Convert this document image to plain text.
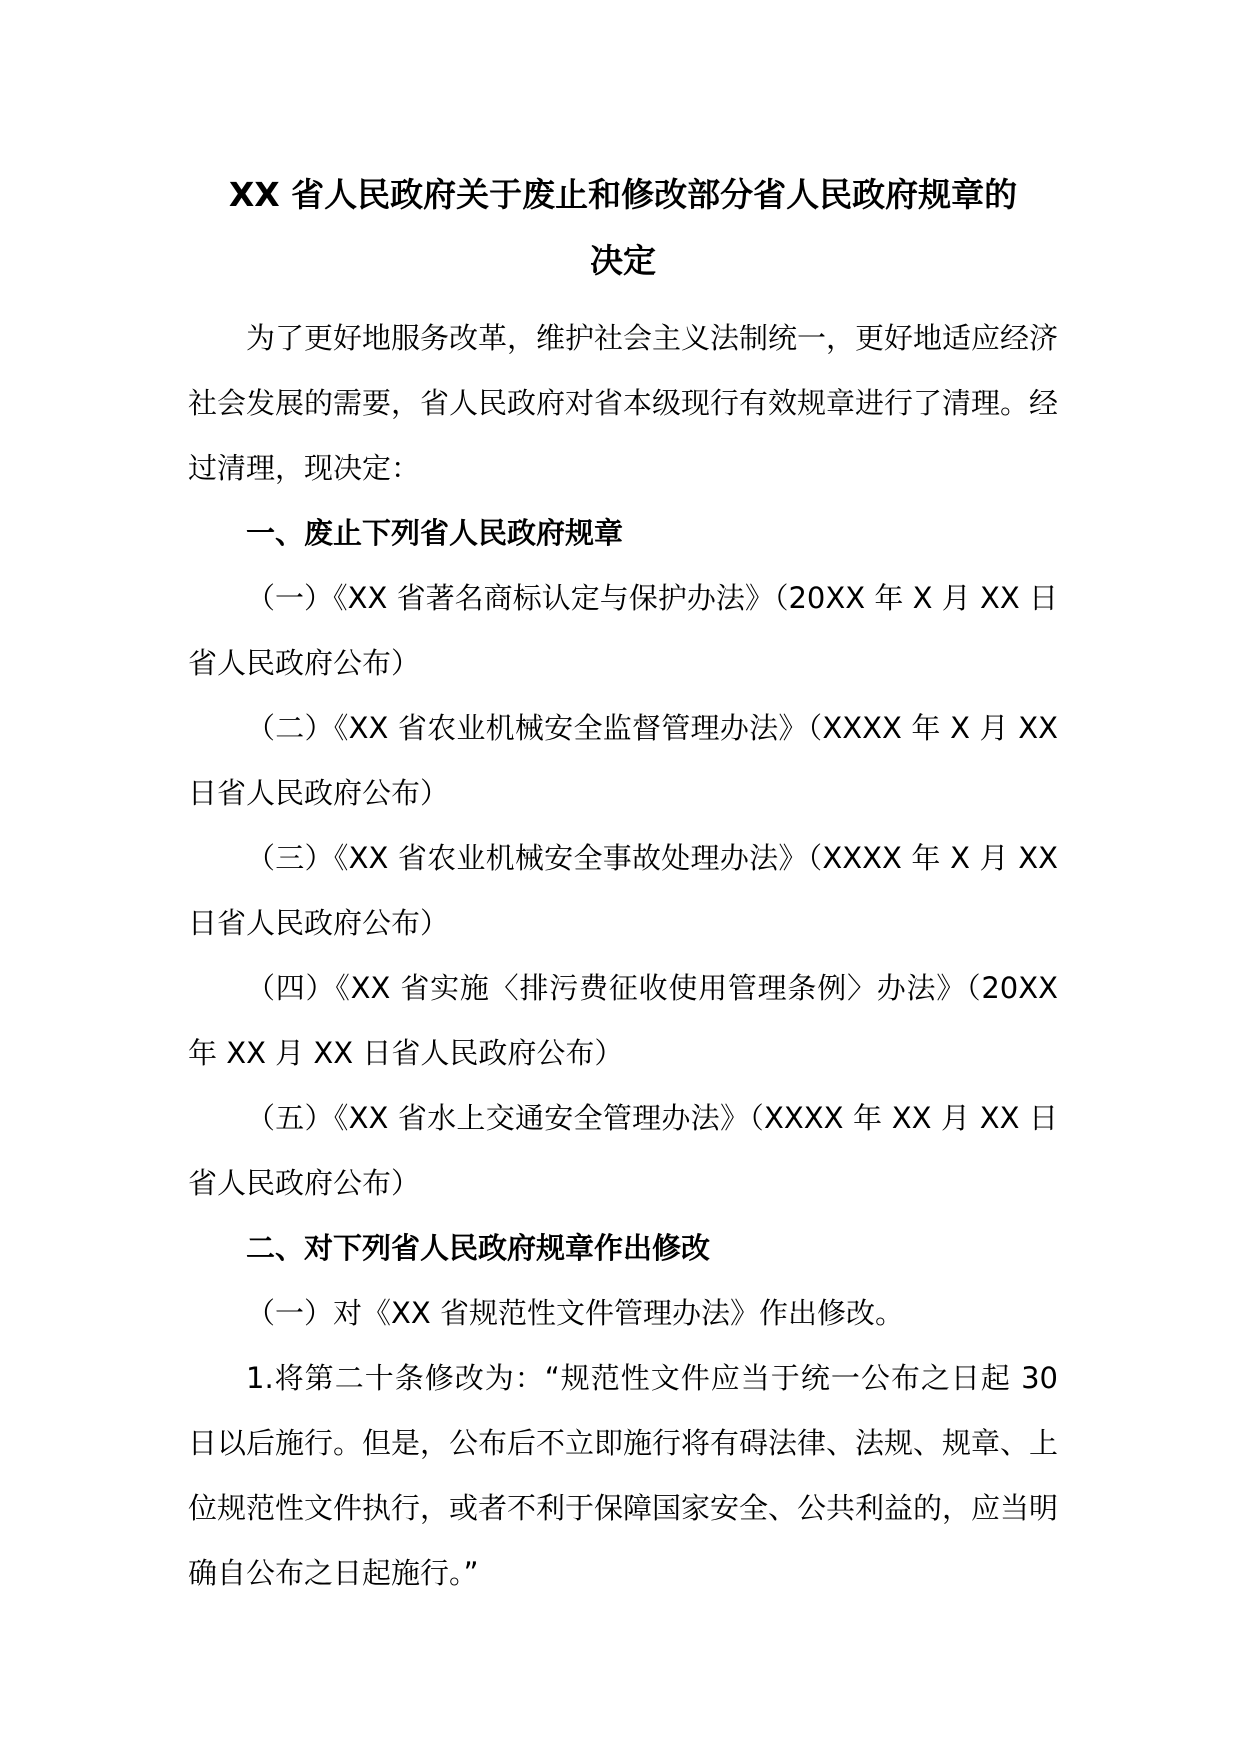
XX 省人民政府关于废止和修改部分省人民政府规章的
决定

为了更好地服务改革，维护社会主义法制统一，更好地适应经济社会发展的需要，省人民政府对省本级现行有效规章进行了清理。经过清理，现决定：

一、废止下列省人民政府规章

（一）《XX 省著名商标认定与保护办法》（20XX 年 X 月 XX 日省人民政府公布）

（二）《XX 省农业机械安全监督管理办法》（XXXX 年 X 月 XX 日省人民政府公布）

（三）《XX 省农业机械安全事故处理办法》（XXXX 年 X 月 XX 日省人民政府公布）

（四）《XX 省实施〈排污费征收使用管理条例〉办法》（20XX 年 XX 月 XX 日省人民政府公布）

（五）《XX 省水上交通安全管理办法》（XXXX 年 XX 月 XX 日省人民政府公布）

二、对下列省人民政府规章作出修改

（一）对《XX 省规范性文件管理办法》作出修改。

1.将第二十条修改为：“规范性文件应当于统一公布之日起 30 日以后施行。但是，公布后不立即施行将有碍法律、法规、规章、上位规范性文件执行，或者不利于保障国家安全、公共利益的，应当明确自公布之日起施行。”
